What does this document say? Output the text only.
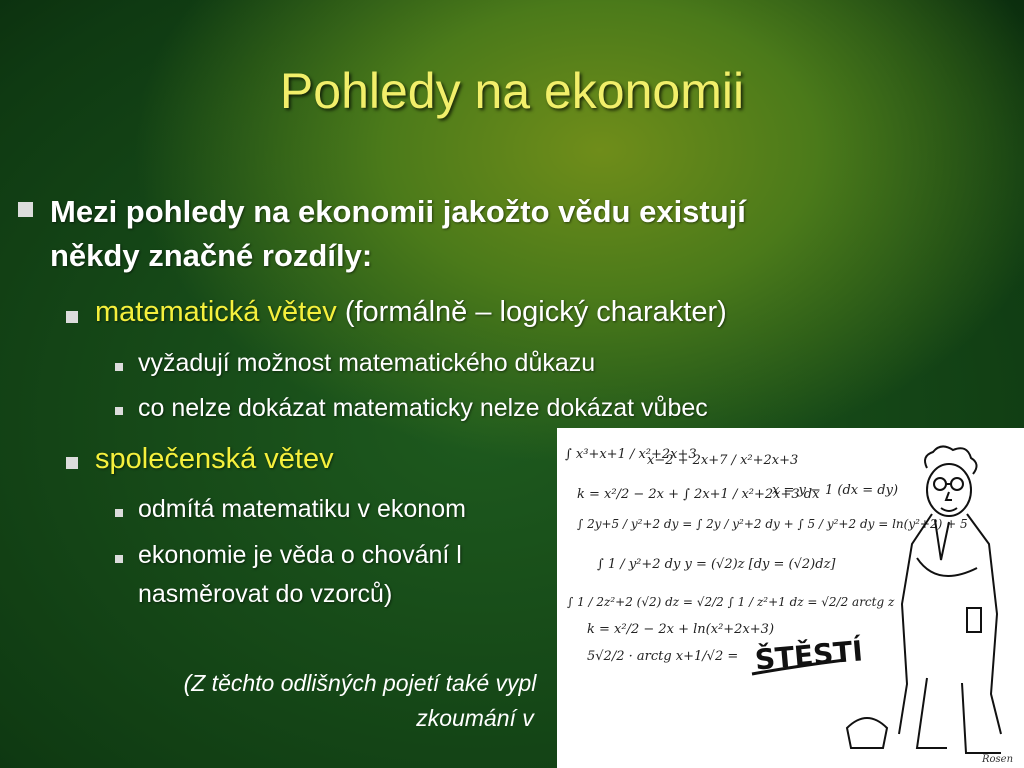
Pohledy na ekonomii
Mezi pohledy na ekonomii jakožto vědu existují
někdy značné rozdíly:
matematická větev (formálně – logický charakter)
vyžadují možnost matematického důkazu
co nelze dokázat matematicky nelze dokázat vůbec
společenská větev
odmítá matematiku v ekonom
ekonomie je věda o chování l
nasměrovat do vzorců)
(Z těchto odlišných pojetí také vypl
zkoumání v
∫ x³+x+1 / x²+2x+3
x−2 + 2x+7 / x²+2x+3
k = x²/2 − 2x + ∫ 2x+1 / x²+2x+3 dx
x = y − 1 (dx = dy)
∫ 2y+5 / y²+2 dy = ∫ 2y / y²+2 dy + ∫ 5 / y²+2 dy = ln(y²+2) + 5
∫ 1 / y²+2 dy y = (√2)z [dy = (√2)dz]
∫ 1 / 2z²+2 (√2) dz = √2/2 ∫ 1 / z²+1 dz = √2/2 arctg z
k = x²/2 − 2x + ln(x²+2x+3)
5√2/2 · arctg x+1/√2 = ŠTĚSTÍ
Rosen
